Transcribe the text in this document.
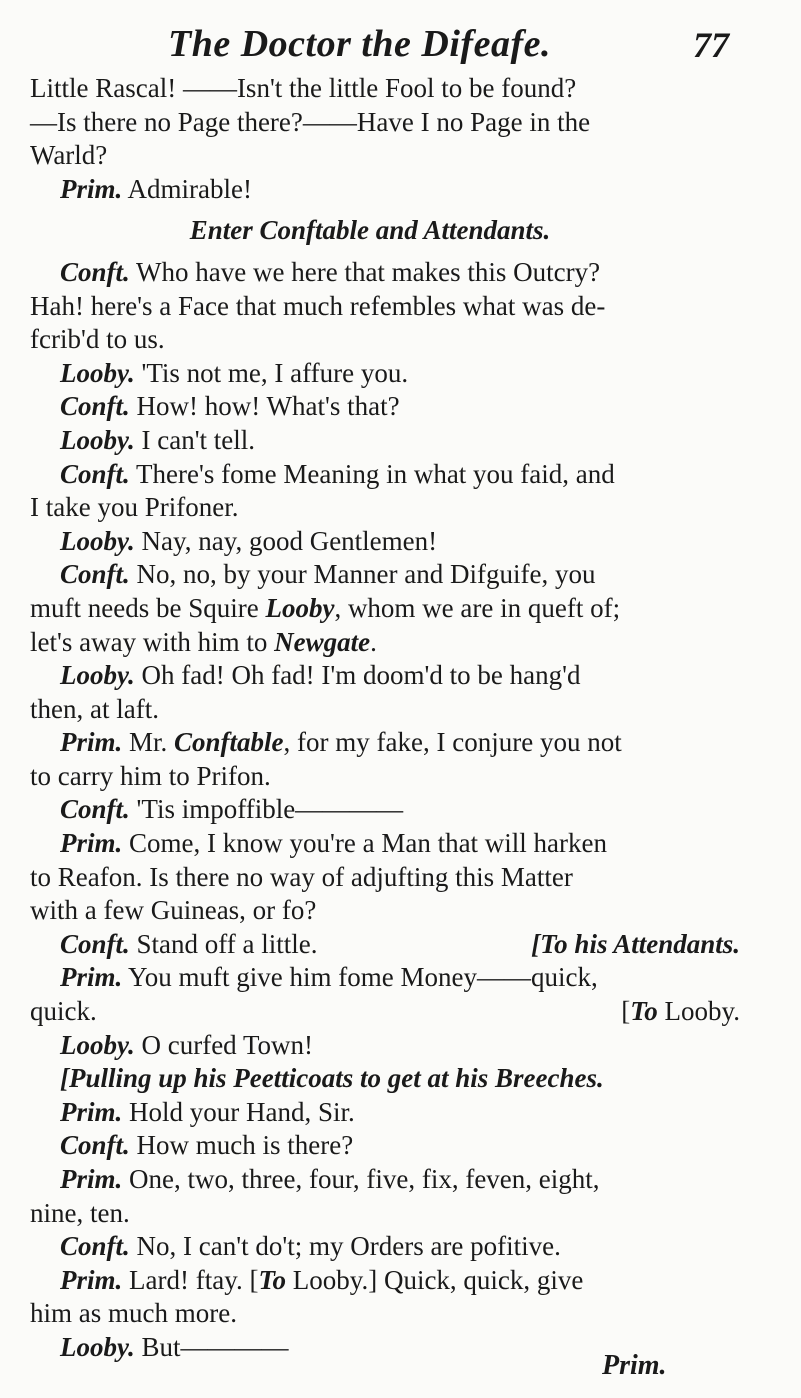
The Doctor the Difeafe.	77
Little Rascal! ——Isn't the little Fool to be found?
—Is there no Page there?——Have I no Page in the
Warld?
Prim. Admirable!
Enter Conftable and Attendants.
Conft. Who have we here that makes this Outcry?
Hah! here's a Face that much refembles what was de-
fcrib'd to us.
Looby. 'Tis not me, I affure you.
Conft. How! how! What's that?
Looby. I can't tell.
Conft. There's fome Meaning in what you faid, and
I take you Prifoner.
Looby. Nay, nay, good Gentlemen!
Conft. No, no, by your Manner and Difguife, you
muft needs be Squire Looby, whom we are in queft of;
let's away with him to Newgate.
Looby. Oh fad! Oh fad! I'm doom'd to be hang'd
then, at laft.
Prim. Mr. Conftable, for my fake, I conjure you not
to carry him to Prifon.
Conft. 'Tis impoffible————
Prim. Come, I know you're a Man that will harken
to Reafon. Is there no way of adjufting this Matter
with a few Guineas, or fo?
Conft. Stand off a little.	[To his Attendants.
Prim. You muft give him fome Money——quick,
quick.	[To Looby.
Looby. O curfed Town!
[Pulling up his Peetticoats to get at his Breeches.
Prim. Hold your Hand, Sir.
Conft. How much is there?
Prim. One, two, three, four, five, fix, feven, eight,
nine, ten.
Conft. No, I can't do't; my Orders are pofitive.
Prim. Lard! ftay. [To Looby.] Quick, quick, give
him as much more.
Looby. But————
Prim.
